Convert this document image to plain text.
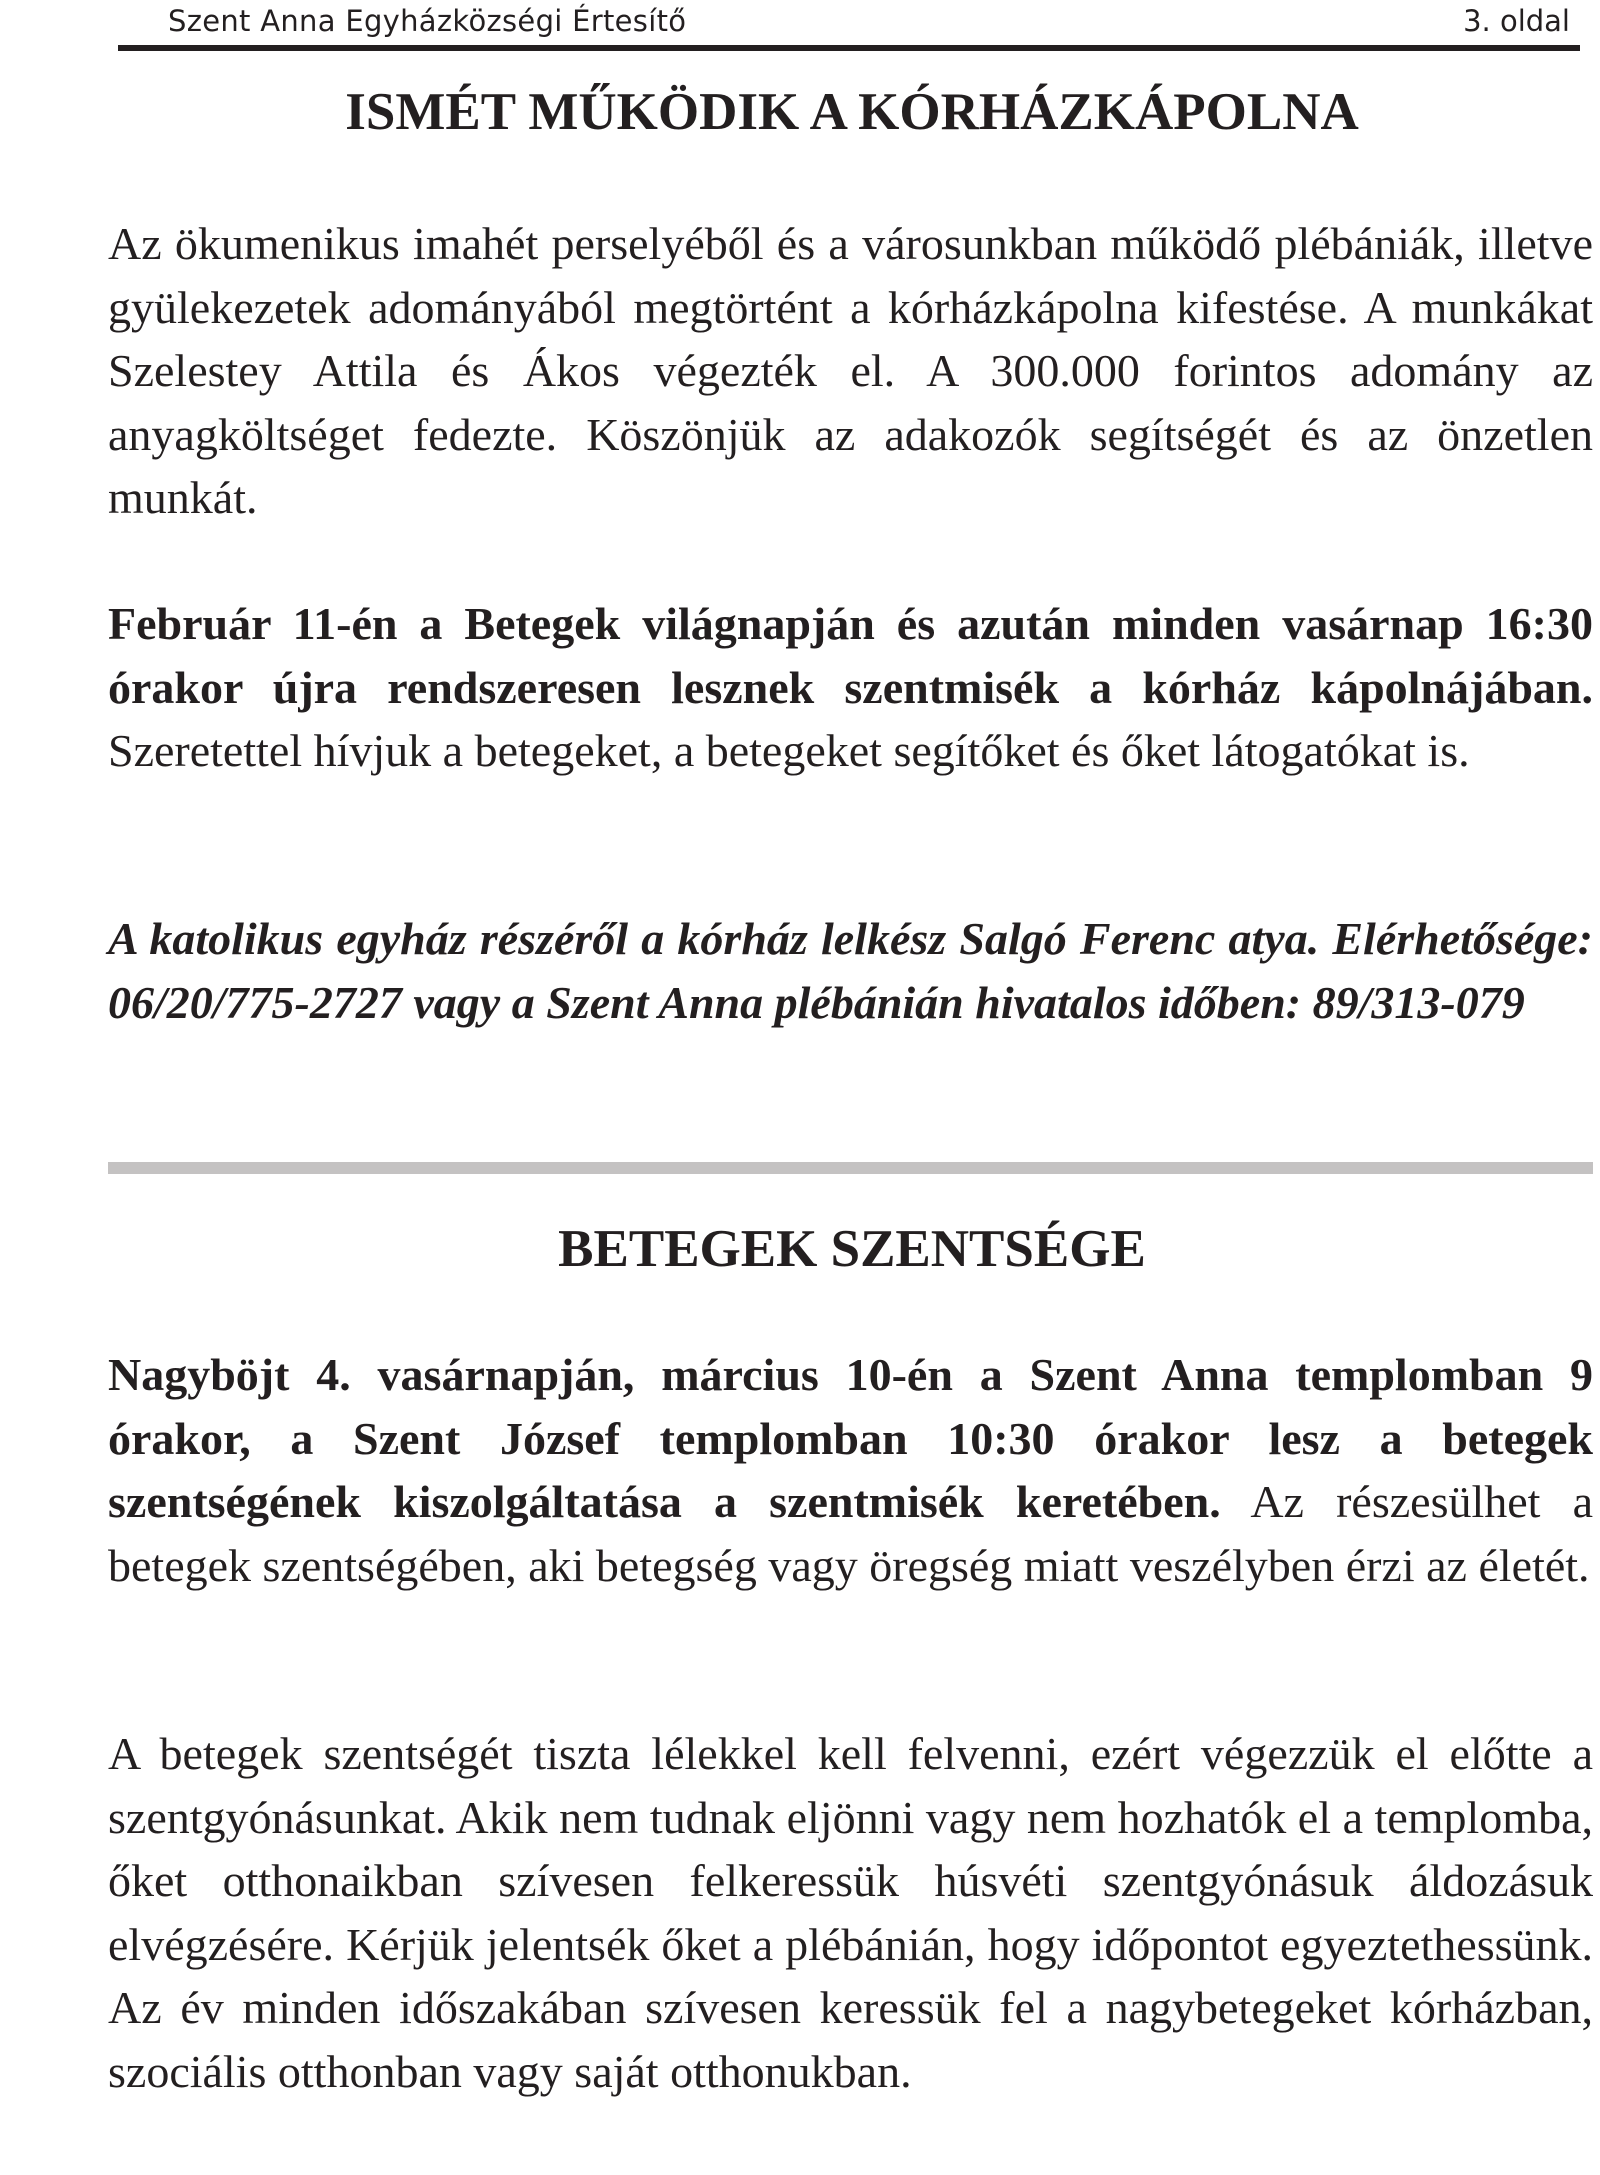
Szent Anna Egyházközségi Értesítő	3. oldal
ISMÉT MŰKÖDIK A KÓRHÁZKÁPOLNA

Az ökumenikus imahét perselyéből és a városunkban működő plébániák, illetve gyülekezetek adományából megtörtént a kórházkápolna kifestése. A munkákat Szelestey Attila és Ákos végezték el. A 300.000 forintos adomány az anyagköltséget fedezte. Köszönjük az adakozók segítségét és az önzetlen munkát.

Február 11-én a Betegek világnapján és azután minden vasárnap 16:30 órakor újra rendszeresen lesznek szentmisék a kórház kápolnájában. Szeretettel hívjuk a betegeket, a betegeket segítőket és őket látogatókat is.

A katolikus egyház részéről a kórház lelkész Salgó Ferenc atya. Elérhetősége: 06/20/775-2727 vagy a Szent Anna plébánián hivatalos időben: 89/313-079

BETEGEK SZENTSÉGE

Nagyböjt 4. vasárnapján, március 10-én a Szent Anna templomban 9 órakor, a Szent József templomban 10:30 órakor lesz a betegek szentségének kiszolgáltatása a szentmisék keretében. Az részesülhet a betegek szentségében, aki betegség vagy öregség miatt veszélyben érzi az életét.

A betegek szentségét tiszta lélekkel kell felvenni, ezért végezzük el előtte a szentgyónásunkat. Akik nem tudnak eljönni vagy nem hozhatók el a templomba, őket otthonaikban szívesen felkeressük húsvéti szentgyónásuk áldozásuk elvégzésére. Kérjük jelentsék őket a plébánián, hogy időpontot egyeztethessünk. Az év minden időszakában szívesen keressük fel a nagybetegeket kórházban, szociális otthonban vagy saját otthonukban.
